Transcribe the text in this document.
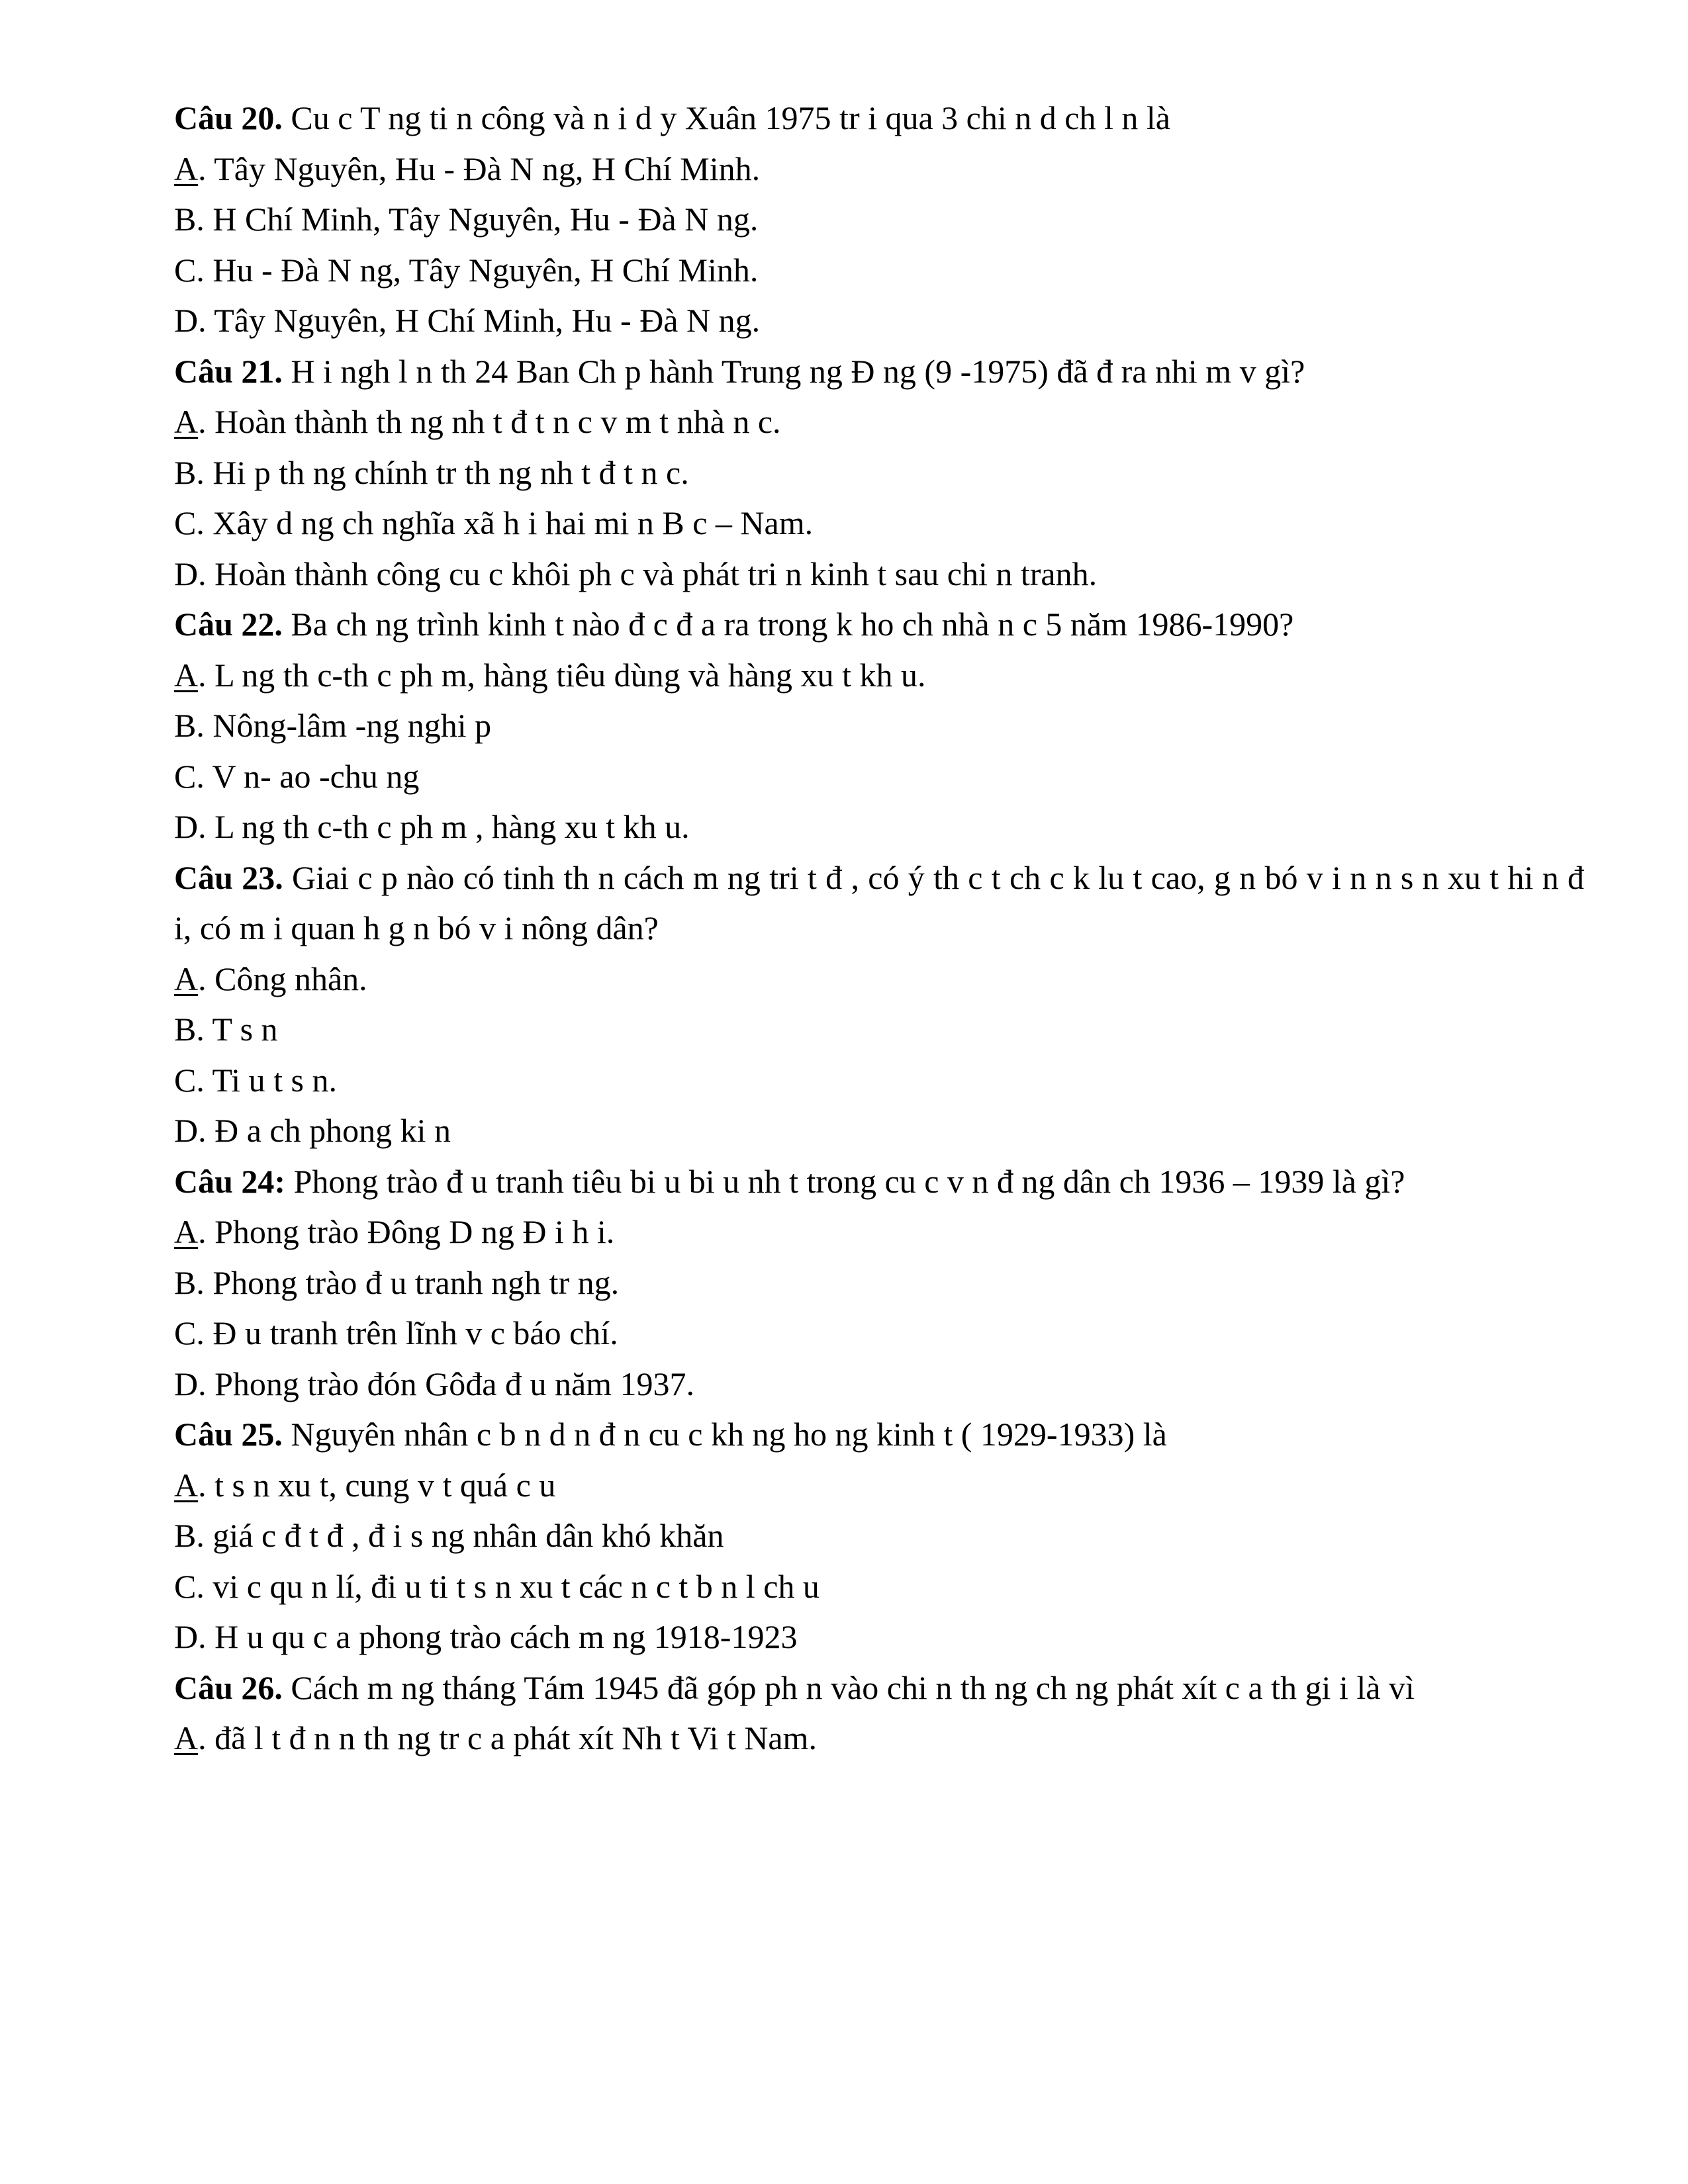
Câu 20. Cu c T ng ti n công và n i d y Xuân 1975 tr i qua 3 chi n d ch l n là

A. Tây Nguyên, Hu - Đà N ng, H Chí Minh.

B. H Chí Minh, Tây Nguyên, Hu - Đà N ng.

C. Hu - Đà N ng, Tây Nguyên, H Chí Minh.

D. Tây Nguyên, H Chí Minh, Hu - Đà N ng.

Câu 21. H i ngh l n th 24 Ban Ch p hành Trung ng Đ ng (9 -1975) đã đ ra nhi m v gì?

A. Hoàn thành th ng nh t đ t n c v m t nhà n c.

B. Hi p th ng chính tr th ng nh t đ t n c.

C. Xây d ng ch nghĩa xã h i hai mi n B c – Nam.

D. Hoàn thành công cu c khôi ph c và phát tri n kinh t sau chi n tranh.

Câu 22. Ba ch ng trình kinh t nào đ c đ a ra trong k ho ch nhà n c 5 năm 1986-1990?

A. L ng th c-th c ph m, hàng tiêu dùng và hàng xu t kh u.

B. Nông-lâm -ng nghi p

C. V n- ao -chu ng

D. L ng th c-th c ph m , hàng xu t kh u.

Câu 23. Giai c p nào có tinh th n cách m ng tri t đ , có ý th c t ch c k lu t cao, g n bó v i n n s n xu t hi n đ i, có m i quan h g n bó v i nông dân?

A. Công nhân.

B. T s n

C. Ti u t s n.

D. Đ a ch phong ki n

Câu 24: Phong trào đ u tranh tiêu bi u bi u nh t trong cu c v n đ ng dân ch 1936 – 1939 là gì?

A. Phong trào Đông D ng Đ i h i.

B. Phong trào đ u tranh ngh tr ng.

C. Đ u tranh trên lĩnh v c báo chí.

D. Phong trào đón Gôđa đ u năm 1937.

Câu 25. Nguyên nhân c b n d n đ n cu c kh ng ho ng kinh t ( 1929-1933) là

A. t s n xu t, cung v t quá c u

B. giá c đ t đ , đ i s ng nhân dân khó khăn

C. vi c qu n lí, đi u ti t s n xu t các n c t b n l ch u

D. H u qu c a phong trào cách m ng 1918-1923

Câu 26. Cách m ng tháng Tám 1945 đã góp ph n vào chi n th ng ch ng phát xít c a th gi i là vì

A. đã l t đ n n th ng tr c a phát xít Nh t Vi t Nam.
